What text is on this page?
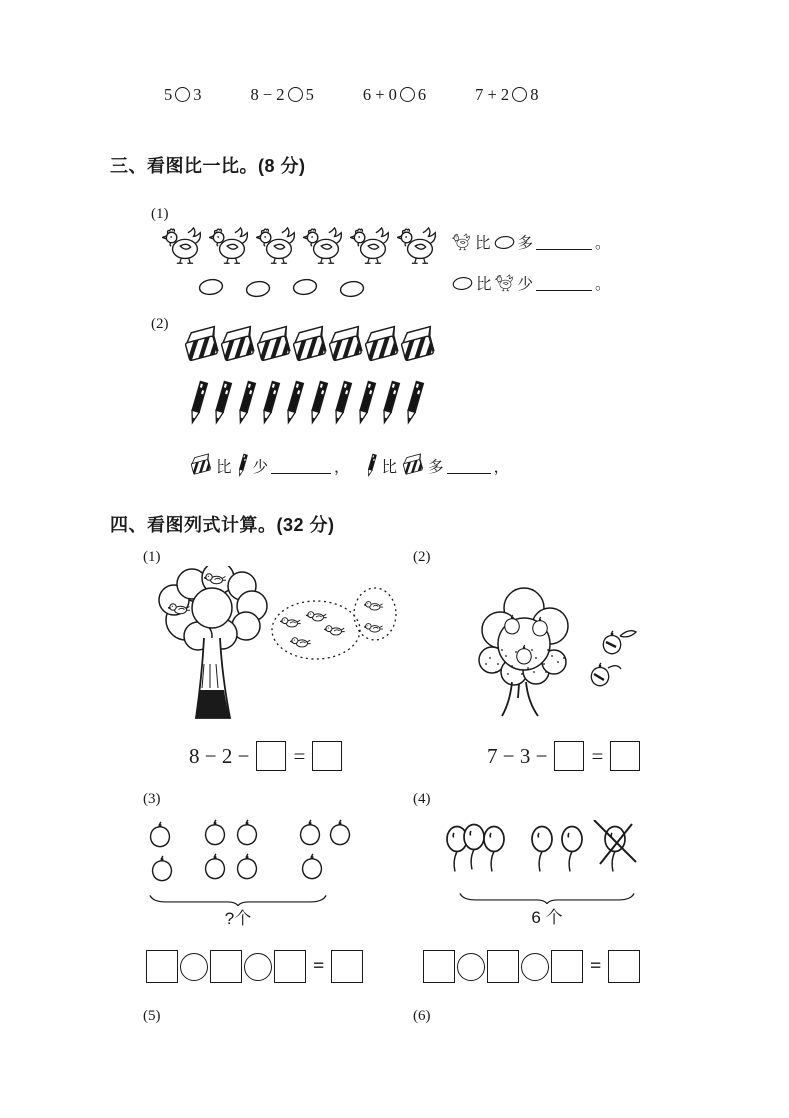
5 3	8 − 2 5	6 + 0 6	7 + 2 8
三、看图比一比。(8 分)
(1)
比 多	。
比 少	。
(2)
比 少	， 比 多	，
四、看图列式计算。(32 分)
(1)	(2)
8 − 2 − =	7 − 3 − =
(3)	(4)
?个	6 个
=	=
(5)	(6)
